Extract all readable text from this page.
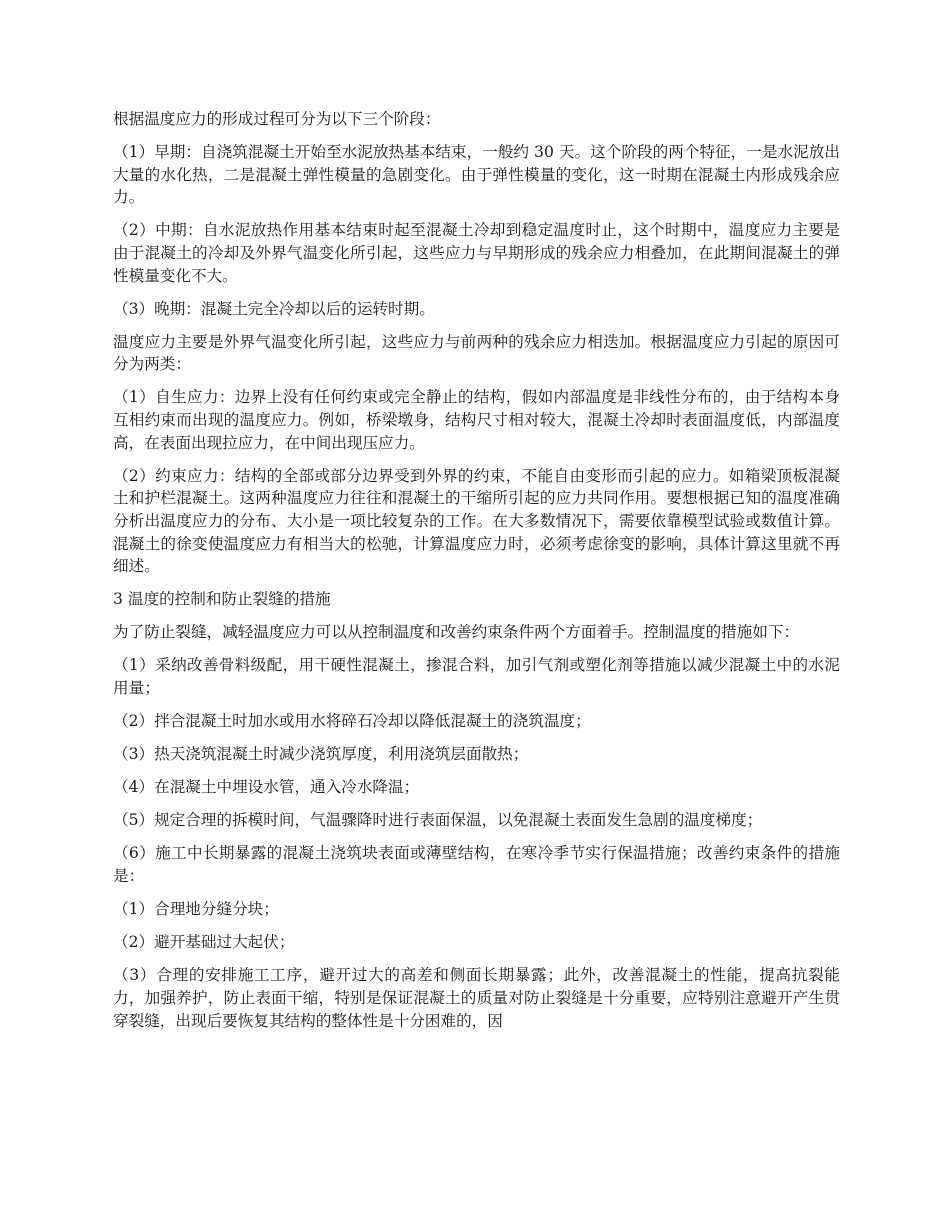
根据温度应力的形成过程可分为以下三个阶段：

（1）早期：自浇筑混凝土开始至水泥放热基本结束，一般约 30 天。这个阶段的两个特征，一是水泥放出大量的水化热，二是混凝土弹性模量的急剧变化。由于弹性模量的变化，这一时期在混凝土内形成残余应力。

（2）中期：自水泥放热作用基本结束时起至混凝土冷却到稳定温度时止，这个时期中，温度应力主要是由于混凝土的冷却及外界气温变化所引起，这些应力与早期形成的残余应力相叠加，在此期间混凝土的弹性模量变化不大。

（3）晚期：混凝土完全冷却以后的运转时期。

温度应力主要是外界气温变化所引起，这些应力与前两种的残余应力相迭加。根据温度应力引起的原因可分为两类：

（1）自生应力：边界上没有任何约束或完全静止的结构，假如内部温度是非线性分布的，由于结构本身互相约束而出现的温度应力。例如，桥梁墩身，结构尺寸相对较大，混凝土冷却时表面温度低，内部温度高，在表面出现拉应力，在中间出现压应力。

（2）约束应力：结构的全部或部分边界受到外界的约束，不能自由变形而引起的应力。如箱梁顶板混凝土和护栏混凝土。这两种温度应力往往和混凝土的干缩所引起的应力共同作用。要想根据已知的温度准确分析出温度应力的分布、大小是一项比较复杂的工作。在大多数情况下，需要依靠模型试验或数值计算。混凝土的徐变使温度应力有相当大的松驰，计算温度应力时，必须考虑徐变的影响，具体计算这里就不再细述。

3 温度的控制和防止裂缝的措施

为了防止裂缝，减轻温度应力可以从控制温度和改善约束条件两个方面着手。控制温度的措施如下：

（1）采纳改善骨料级配，用干硬性混凝土，掺混合料，加引气剂或塑化剂等措施以减少混凝土中的水泥用量；

（2）拌合混凝土时加水或用水将碎石冷却以降低混凝土的浇筑温度；

（3）热天浇筑混凝土时减少浇筑厚度，利用浇筑层面散热；

（4）在混凝土中埋设水管，通入冷水降温；

（5）规定合理的拆模时间，气温骤降时进行表面保温，以免混凝土表面发生急剧的温度梯度；

（6）施工中长期暴露的混凝土浇筑块表面或薄壁结构，在寒冷季节实行保温措施；改善约束条件的措施是：

（1）合理地分缝分块；

（2）避开基础过大起伏；

（3）合理的安排施工工序，避开过大的高差和侧面长期暴露；此外，改善混凝土的性能，提高抗裂能力，加强养护，防止表面干缩，特别是保证混凝土的质量对防止裂缝是十分重要，应特别注意避开产生贯穿裂缝，出现后要恢复其结构的整体性是十分困难的，因
